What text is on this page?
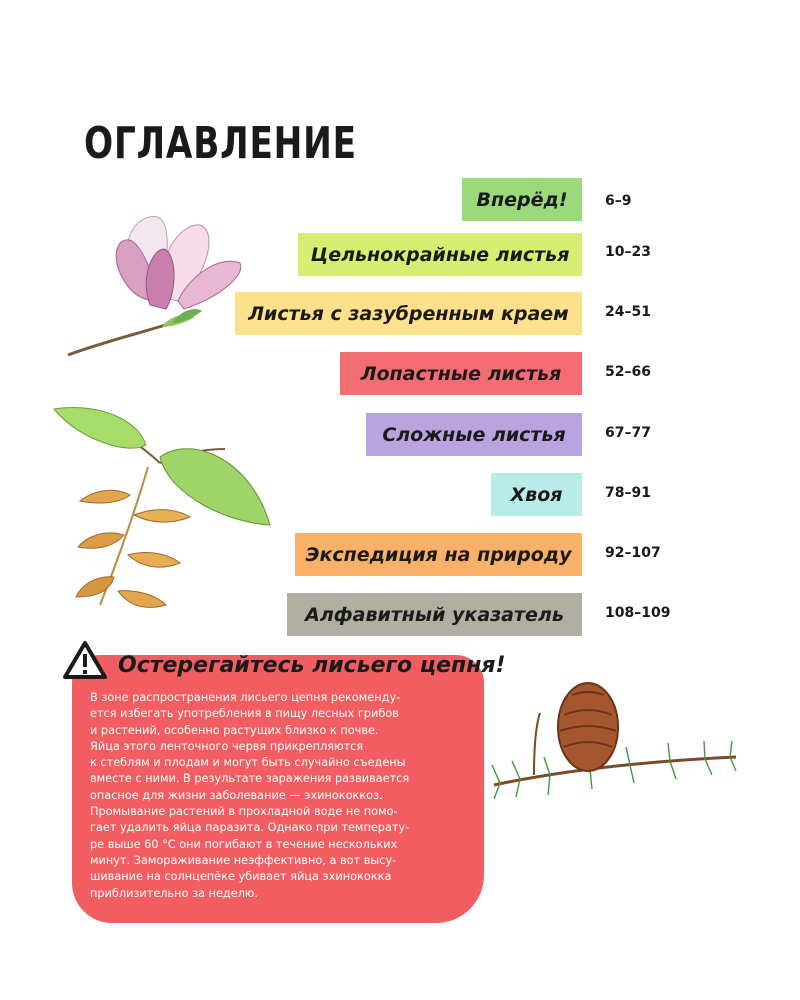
ОГЛАВЛЕНИЕ
Вперёд!	6–9
Цельнокрайные листья	10–23
Листья с зазубренным краем	24–51
Лопастные листья	52–66
Сложные листья	67–77
Хвоя	78–91
Экспедиция на природу	92–107
Алфавитный указатель	108–109
Остерегайтесь лисьего цепня!
В зоне распространения лисьего цепня рекоменду-
ется избегать употребления в пищу лесных грибов
и растений, особенно растущих близко к почве.
Яйца этого ленточного червя прикрепляются
к стеблям и плодам и могут быть случайно съедены
вместе с ними. В результате заражения развивается
опасное для жизни заболевание — эхинококкоз.
Промывание растений в прохладной воде не помо-
гает удалить яйца паразита. Однако при температу-
ре выше 60 °С они погибают в течение нескольких
минут. Замораживание неэффективно, а вот высу-
шивание на солнцепёке убивает яйца эхинококка
приблизительно за неделю.
